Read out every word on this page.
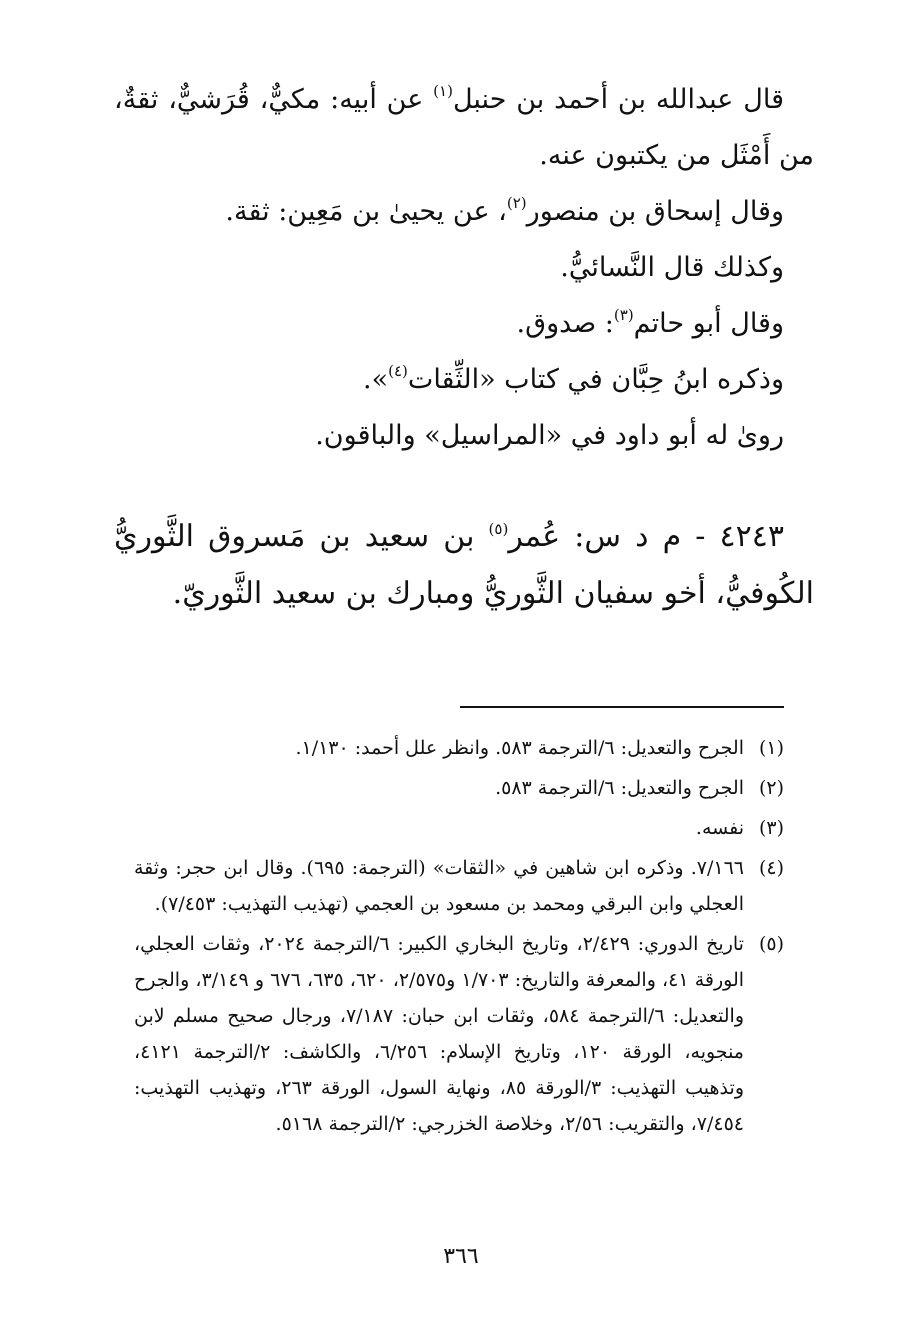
قال عبدالله بن أحمد بن حنبل$^{(١)}$ عن أبيه: مكيٌّ، قُرَشيٌّ، ثقةٌ، من أَمْثَل من يكتبون عنه.

وقال إسحاق بن منصور$^{(٢)}$، عن يحيىٰ بن مَعِين: ثقة.

وكذلك قال النَّسائيُّ.

وقال أبو حاتم$^{(٣)}$: صدوق.

وذكره ابنُ حِبَّان في كتاب «الثِّقات$^{(٤)}$».

روىٰ له أبو داود في «المراسيل» والباقون.

٤٢٤٣ - م د س: عُمر$^{(٥)}$ بن سعيد بن مَسروق الثَّوريُّ الكُوفيُّ، أخو سفيان الثَّوريُّ ومبارك بن سعيد الثَّوريّ.

(١)
الجرح والتعديل: ٦/الترجمة ٥٨٣. وانظر علل أحمد: ١/١٣٠.
(٢)
الجرح والتعديل: ٦/الترجمة ٥٨٣.
(٣)
نفسه.
(٤)
٧/١٦٦. وذكره ابن شاهين في «الثقات» (الترجمة: ٦٩٥). وقال ابن حجر: وثقة العجلي وابن البرقي ومحمد بن مسعود بن العجمي (تهذيب التهذيب: ٧/٤٥٣).
(٥)
تاريخ الدوري: ٢/٤٢٩، وتاريخ البخاري الكبير: ٦/الترجمة ٢٠٢٤، وثقات العجلي، الورقة ٤١، والمعرفة والتاريخ: ١/٧٠٣ و٢/٥٧٥، ٦٢٠، ٦٣٥، ٦٧٦ و ٣/١٤٩، والجرح والتعديل: ٦/الترجمة ٥٨٤، وثقات ابن حبان: ٧/١٨٧، ورجال صحيح مسلم لابن منجويه، الورقة ١٢٠، وتاريخ الإسلام: ٦/٢٥٦، والكاشف: ٢/الترجمة ٤١٢١، وتذهيب التهذيب: ٣/الورقة ٨٥، ونهاية السول، الورقة ٢٦٣، وتهذيب التهذيب: ٧/٤٥٤، والتقريب: ٢/٥٦، وخلاصة الخزرجي: ٢/الترجمة ٥١٦٨.
٣٦٦
